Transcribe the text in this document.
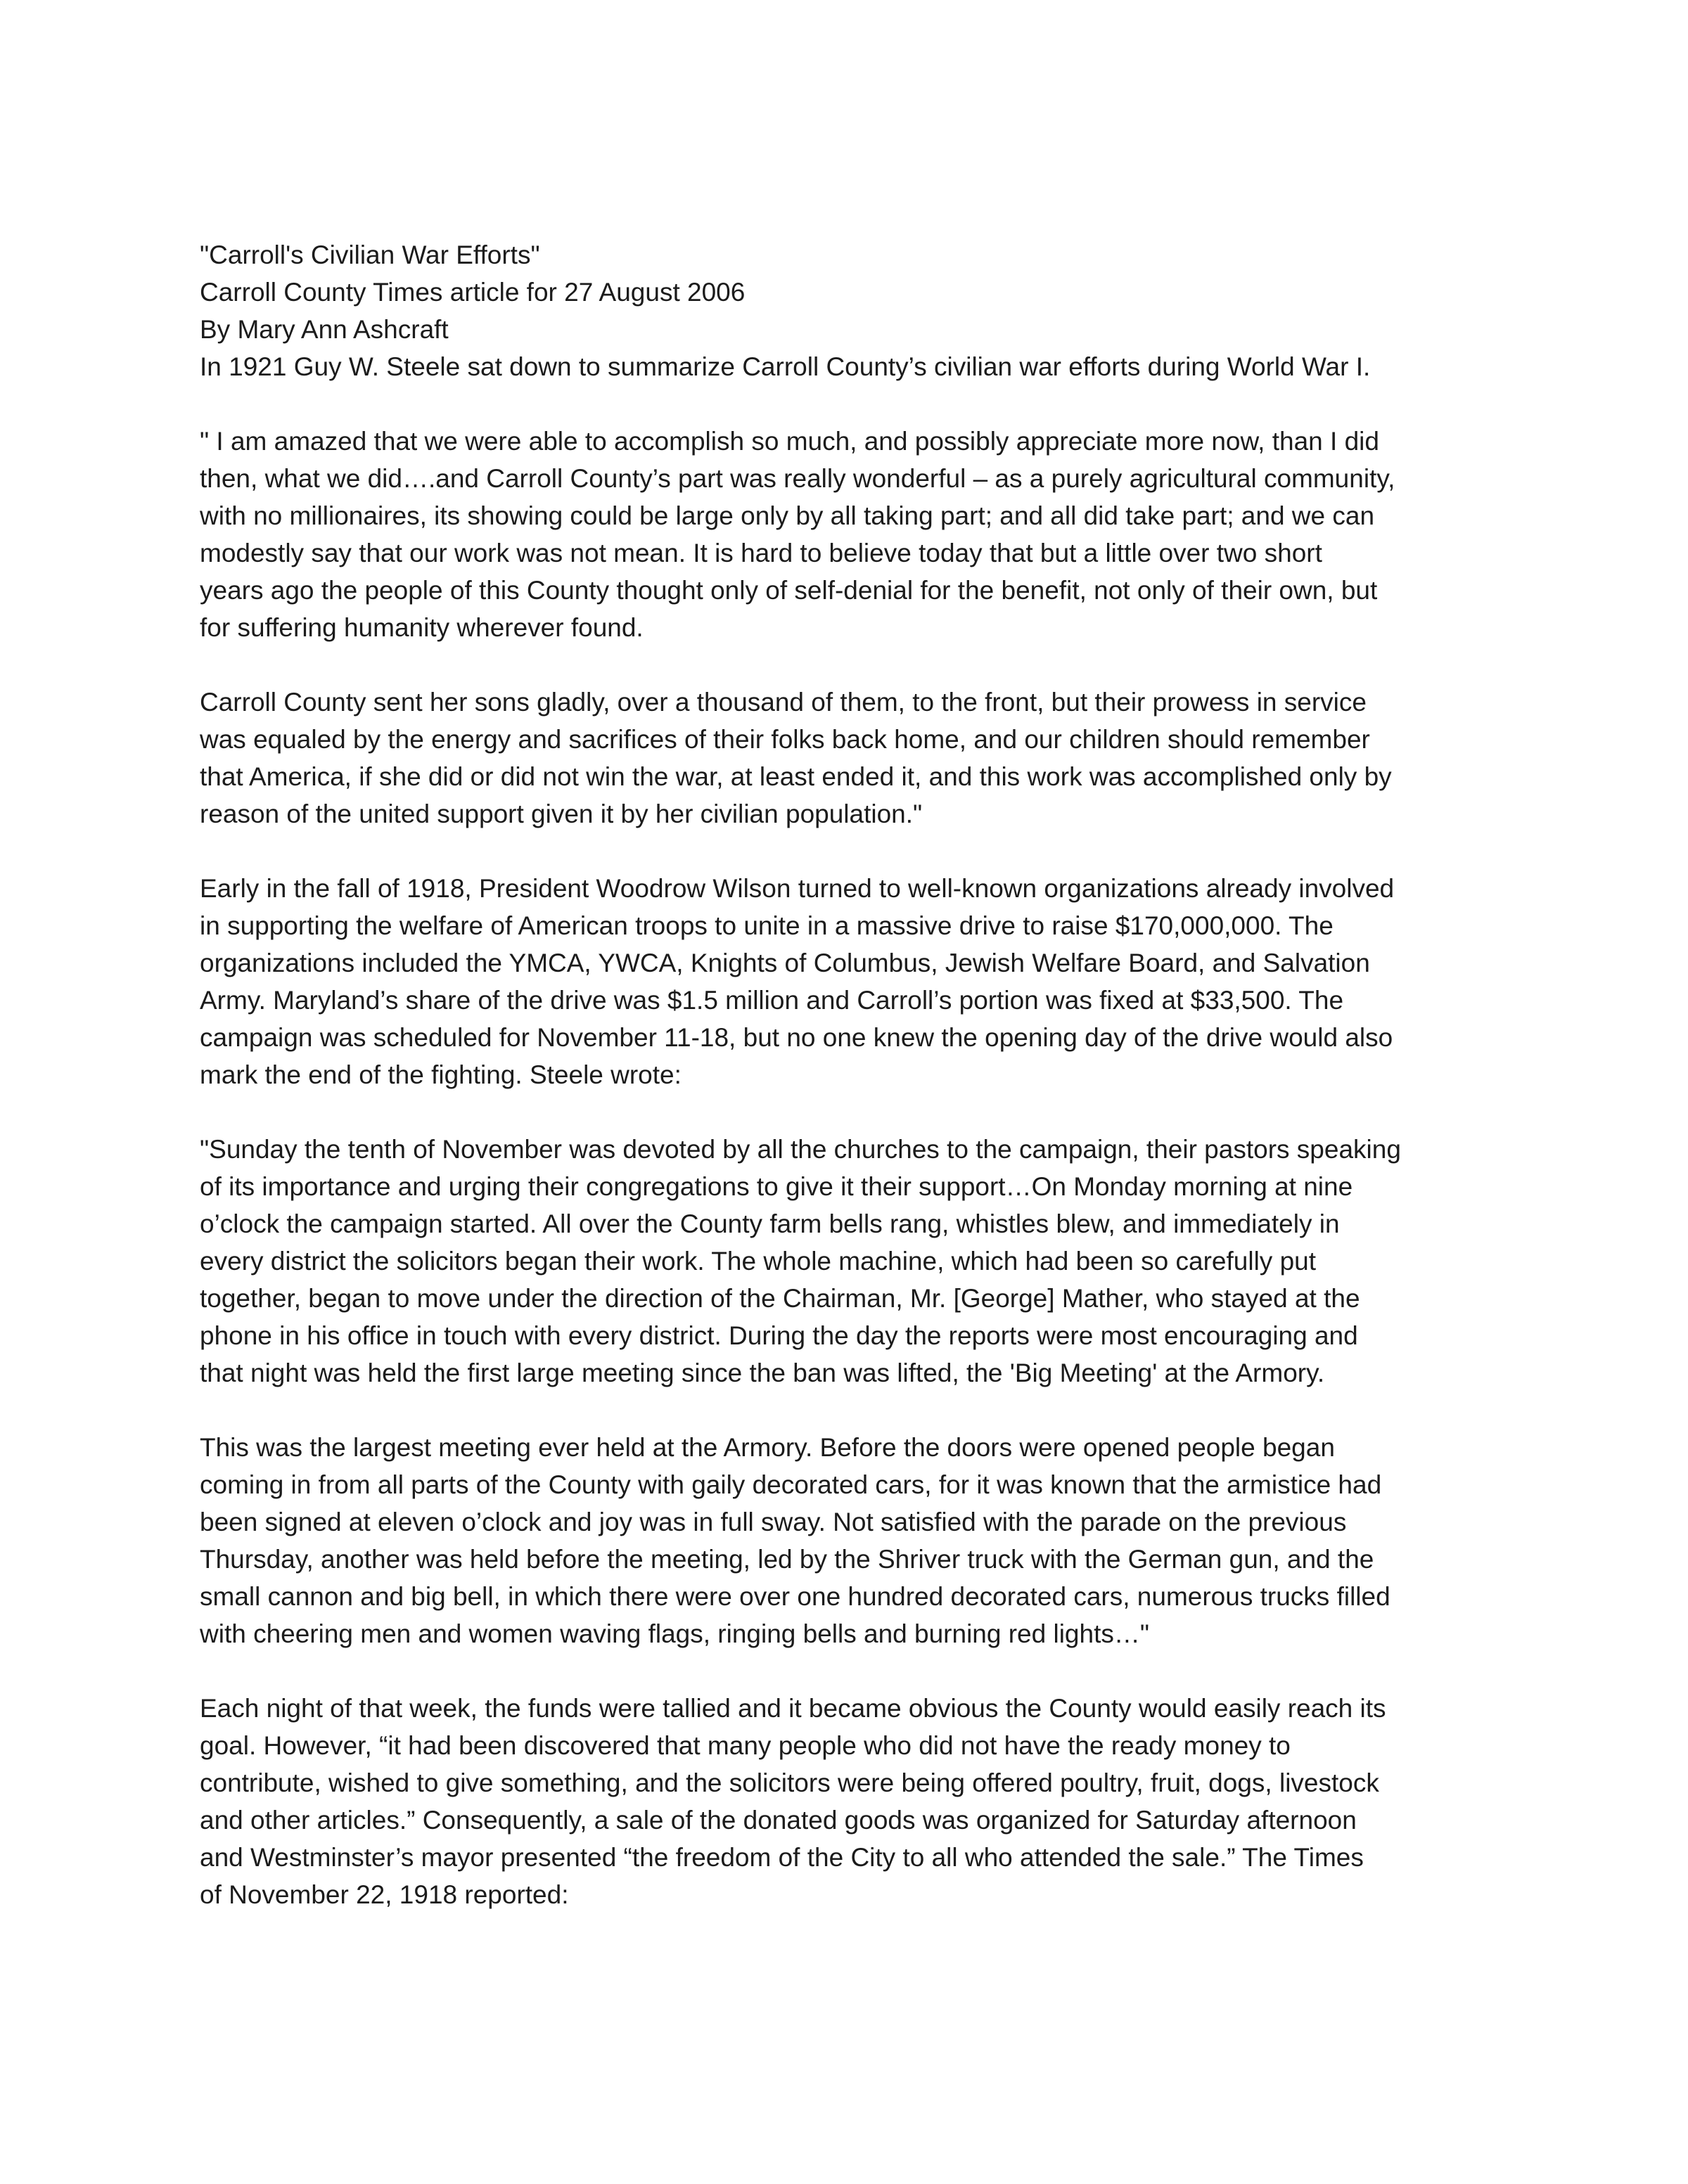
"Carroll's Civilian War Efforts"
Carroll County Times article for 27 August 2006
By Mary Ann Ashcraft
In 1921 Guy W. Steele sat down to summarize Carroll County’s civilian war efforts during World War I.
" I am amazed that we were able to accomplish so much, and possibly appreciate more now, than I did
then, what we did….and Carroll County’s part was really wonderful – as a purely agricultural community,
with no millionaires, its showing could be large only by all taking part; and all did take part; and we can
modestly say that our work was not mean. It is hard to believe today that but a little over two short
years ago the people of this County thought only of self-denial for the benefit, not only of their own, but
for suffering humanity wherever found.
Carroll County sent her sons gladly, over a thousand of them, to the front, but their prowess in service
was equaled by the energy and sacrifices of their folks back home, and our children should remember
that America, if she did or did not win the war, at least ended it, and this work was accomplished only by
reason of the united support given it by her civilian population."
Early in the fall of 1918, President Woodrow Wilson turned to well-known organizations already involved
in supporting the welfare of American troops to unite in a massive drive to raise $170,000,000. The
organizations included the YMCA, YWCA, Knights of Columbus, Jewish Welfare Board, and Salvation
Army. Maryland’s share of the drive was $1.5 million and Carroll’s portion was fixed at $33,500. The
campaign was scheduled for November 11-18, but no one knew the opening day of the drive would also
mark the end of the fighting. Steele wrote:
"Sunday the tenth of November was devoted by all the churches to the campaign, their pastors speaking
of its importance and urging their congregations to give it their support…On Monday morning at nine
o’clock the campaign started. All over the County farm bells rang, whistles blew, and immediately in
every district the solicitors began their work. The whole machine, which had been so carefully put
together, began to move under the direction of the Chairman, Mr. [George] Mather, who stayed at the
phone in his office in touch with every district. During the day the reports were most encouraging and
that night was held the first large meeting since the ban was lifted, the 'Big Meeting' at the Armory.
This was the largest meeting ever held at the Armory. Before the doors were opened people began
coming in from all parts of the County with gaily decorated cars, for it was known that the armistice had
been signed at eleven o’clock and joy was in full sway. Not satisfied with the parade on the previous
Thursday, another was held before the meeting, led by the Shriver truck with the German gun, and the
small cannon and big bell, in which there were over one hundred decorated cars, numerous trucks filled
with cheering men and women waving flags, ringing bells and burning red lights…"
Each night of that week, the funds were tallied and it became obvious the County would easily reach its
goal. However, “it had been discovered that many people who did not have the ready money to
contribute, wished to give something, and the solicitors were being offered poultry, fruit, dogs, livestock
and other articles.” Consequently, a sale of the donated goods was organized for Saturday afternoon
and Westminster’s mayor presented “the freedom of the City to all who attended the sale.” The Times
of November 22, 1918 reported:
